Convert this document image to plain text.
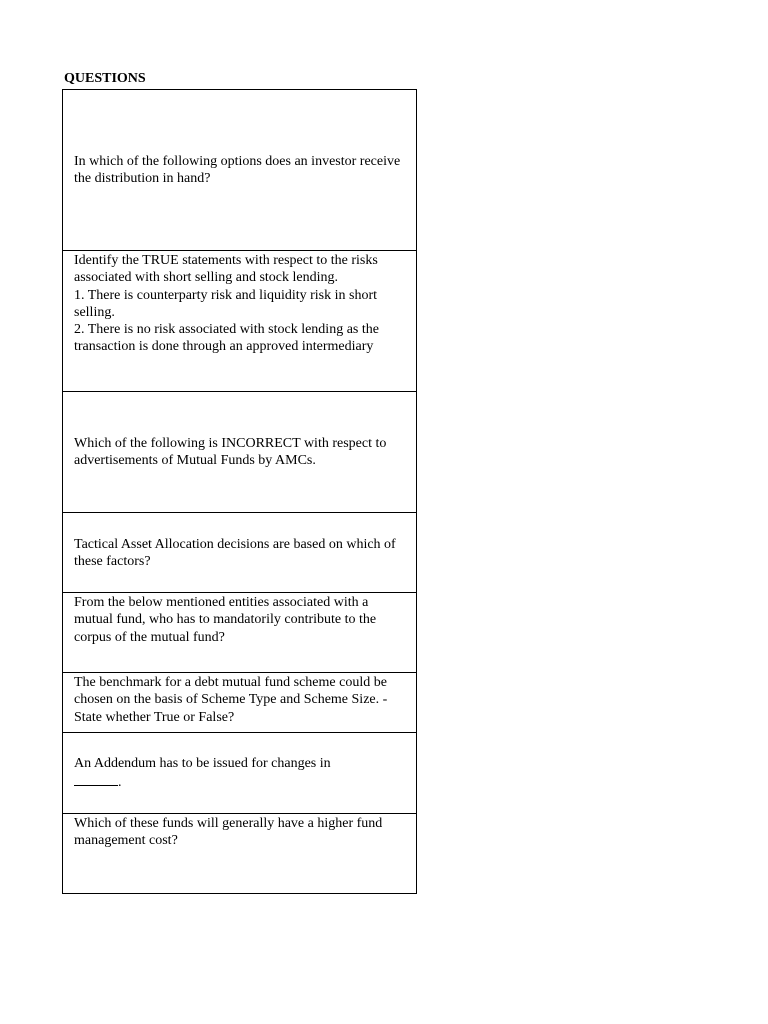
QUESTIONS
In which of the following options does an investor receive the distribution in hand?
Identify the TRUE statements with respect to the risks associated with short selling and stock lending.
1. There is counterparty risk and liquidity risk in short selling.
2. There is no risk associated with stock lending as the transaction is done through an approved intermediary
Which of the following is INCORRECT with respect to advertisements of Mutual Funds by AMCs.
Tactical Asset Allocation decisions are based on which of these factors?
From the below mentioned entities associated with a mutual fund, who has to mandatorily contribute to the corpus of the mutual fund?
The benchmark for a debt mutual fund scheme could be chosen on the basis of Scheme Type and Scheme Size. - State whether True or False?
An Addendum has to be issued for changes in
.
Which of these funds will generally have a higher fund management cost?
